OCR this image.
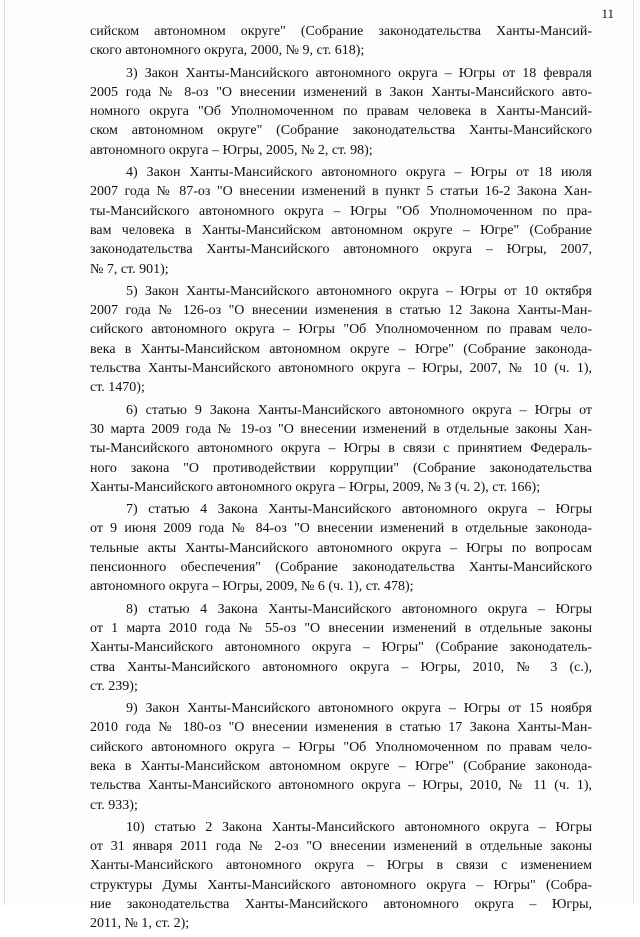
11
сийском автономном округе" (Собрание законодательства Ханты-Мансий-
ского автономного округа, 2000, № 9, ст. 618);
3) Закон Ханты-Мансийского автономного округа – Югры от 18 февраля
2005 года № 8-оз "О внесении изменений в Закон Ханты-Мансийского авто-
номного округа "Об Уполномоченном по правам человека в Ханты-Мансий-
ском автономном округе" (Собрание законодательства Ханты-Мансийского
автономного округа – Югры, 2005, № 2, ст. 98);
4) Закон Ханты-Мансийского автономного округа – Югры от 18 июля
2007 года № 87-оз "О внесении изменений в пункт 5 статьи 16-2 Закона Хан-
ты-Мансийского автономного округа – Югры "Об Уполномоченном по пра-
вам человека в Ханты-Мансийском автономном округе – Югре" (Собрание
законодательства Ханты-Мансийского автономного округа – Югры, 2007,
№ 7, ст. 901);
5) Закон Ханты-Мансийского автономного округа – Югры от 10 октября
2007 года № 126-оз "О внесении изменения в статью 12 Закона Ханты-Ман-
сийского автономного округа – Югры "Об Уполномоченном по правам чело-
века в Ханты-Мансийском автономном округе – Югре" (Собрание законода-
тельства Ханты-Мансийского автономного округа – Югры, 2007, № 10 (ч. 1),
ст. 1470);
6) статью 9 Закона Ханты-Мансийского автономного округа – Югры от
30 марта 2009 года № 19-оз "О внесении изменений в отдельные законы Хан-
ты-Мансийского автономного округа – Югры в связи с принятием Федераль-
ного закона "О противодействии коррупции" (Собрание законодательства
Ханты-Мансийского автономного округа – Югры, 2009, № 3 (ч. 2), ст. 166);
7) статью 4 Закона Ханты-Мансийского автономного округа – Югры
от 9 июня 2009 года № 84-оз "О внесении изменений в отдельные законода-
тельные акты Ханты-Мансийского автономного округа – Югры по вопросам
пенсионного обеспечения" (Собрание законодательства Ханты-Мансийского
автономного округа – Югры, 2009, № 6 (ч. 1), ст. 478);
8) статью 4 Закона Ханты-Мансийского автономного округа – Югры
от 1 марта 2010 года № 55-оз "О внесении изменений в отдельные законы
Ханты-Мансийского автономного округа – Югры" (Собрание законодатель-
ства Ханты-Мансийского автономного округа – Югры, 2010, № 3 (с.),
ст. 239);
9) Закон Ханты-Мансийского автономного округа – Югры от 15 ноября
2010 года № 180-оз "О внесении изменения в статью 17 Закона Ханты-Ман-
сийского автономного округа – Югры "Об Уполномоченном по правам чело-
века в Ханты-Мансийском автономном округе – Югре" (Собрание законода-
тельства Ханты-Мансийского автономного округа – Югры, 2010, № 11 (ч. 1),
ст. 933);
10) статью 2 Закона Ханты-Мансийского автономного округа – Югры
от 31 января 2011 года № 2-оз "О внесении изменений в отдельные законы
Ханты-Мансийского автономного округа – Югры в связи с изменением
структуры Думы Ханты-Мансийского автономного округа – Югры" (Собра-
ние законодательства Ханты-Мансийского автономного округа – Югры,
2011, № 1, ст. 2);
